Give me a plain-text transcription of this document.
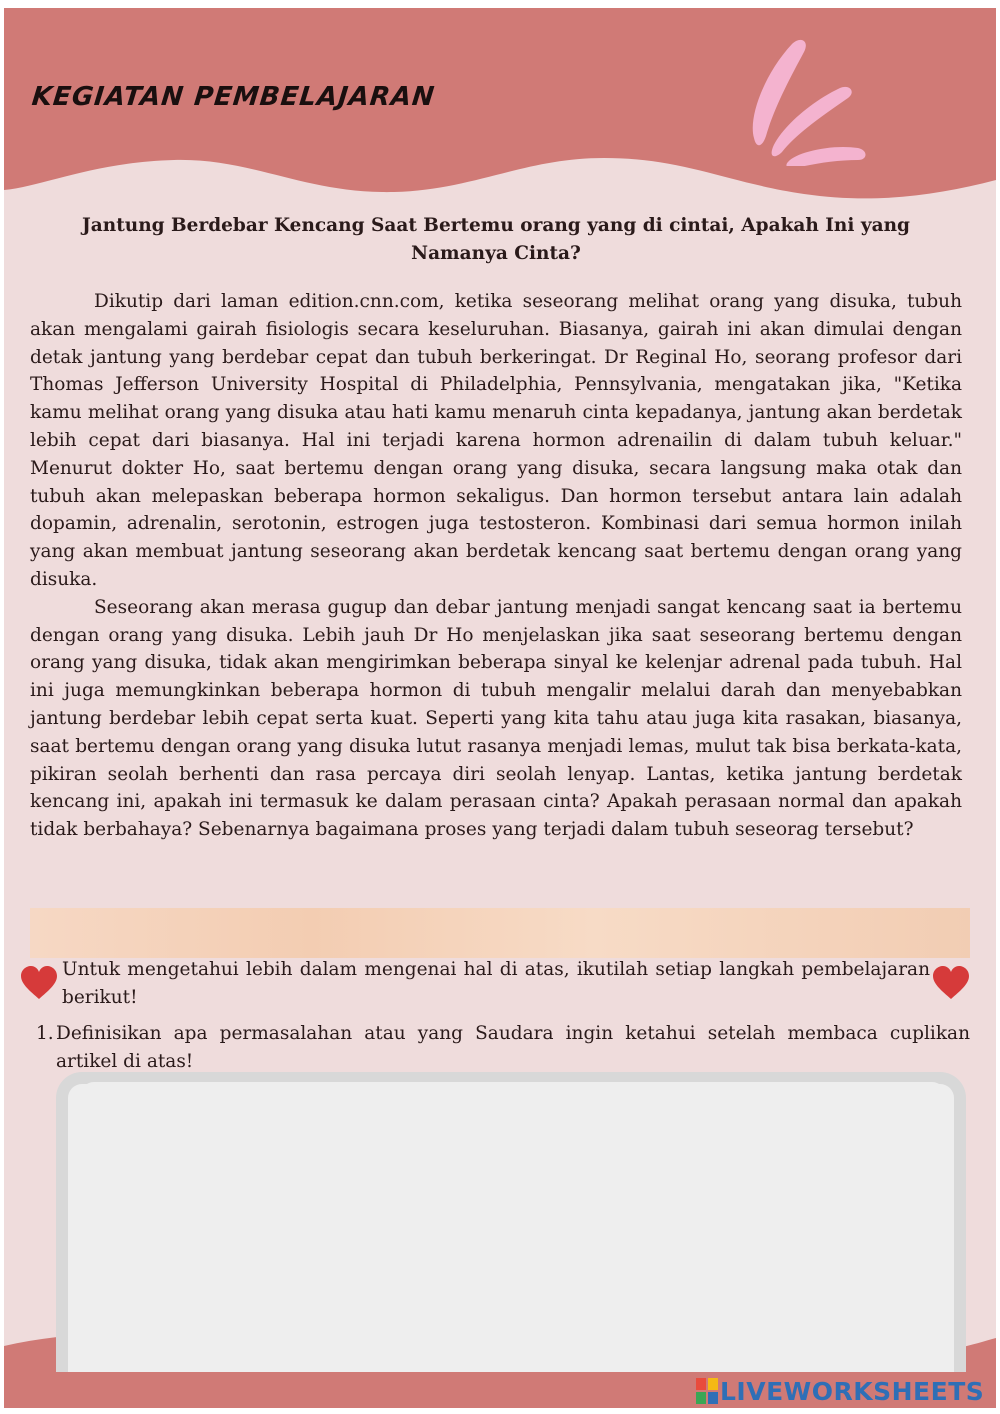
KEGIATAN PEMBELAJARAN
Jantung Berdebar Kencang Saat Bertemu orang yang di cintai, Apakah Ini yang Namanya Cinta?

Dikutip dari laman edition.cnn.com, ketika seseorang melihat orang yang disuka, tubuh akan mengalami gairah fisiologis secara keseluruhan. Biasanya, gairah ini akan dimulai dengan detak jantung yang berdebar cepat dan tubuh berkeringat. Dr Reginal Ho, seorang profesor dari Thomas Jefferson University Hospital di Philadelphia, Pennsylvania, mengatakan jika, "Ketika kamu melihat orang yang disuka atau hati kamu menaruh cinta kepadanya, jantung akan berdetak lebih cepat dari biasanya. Hal ini terjadi karena hormon adrenailin di dalam tubuh keluar." Menurut dokter Ho, saat bertemu dengan orang yang disuka, secara langsung maka otak dan tubuh akan melepaskan beberapa hormon sekaligus. Dan hormon tersebut antara lain adalah dopamin, adrenalin, serotonin, estrogen juga testosteron. Kombinasi dari semua hormon inilah yang akan membuat jantung seseorang akan berdetak kencang saat bertemu dengan orang yang disuka.

Seseorang akan merasa gugup dan debar jantung menjadi sangat kencang saat ia bertemu dengan orang yang disuka. Lebih jauh Dr Ho menjelaskan jika saat seseorang bertemu dengan orang yang disuka, tidak akan mengirimkan beberapa sinyal ke kelenjar adrenal pada tubuh. Hal ini juga memungkinkan beberapa hormon di tubuh mengalir melalui darah dan menyebabkan jantung berdebar lebih cepat serta kuat. Seperti yang kita tahu atau juga kita rasakan, biasanya, saat bertemu dengan orang yang disuka lutut rasanya menjadi lemas, mulut tak bisa berkata-kata, pikiran seolah berhenti dan rasa percaya diri seolah lenyap. Lantas, ketika jantung berdetak kencang ini, apakah ini termasuk ke dalam perasaan cinta? Apakah perasaan normal dan apakah tidak berbahaya? Sebenarnya bagaimana proses yang terjadi dalam tubuh seseorag tersebut?

Untuk mengetahui lebih dalam mengenai hal di atas, ikutilah setiap langkah pembelajaran berikut!
1. Definisikan apa permasalahan atau yang Saudara ingin ketahui setelah membaca cuplikan artikel di atas!
LIVEWORKSHEETS
